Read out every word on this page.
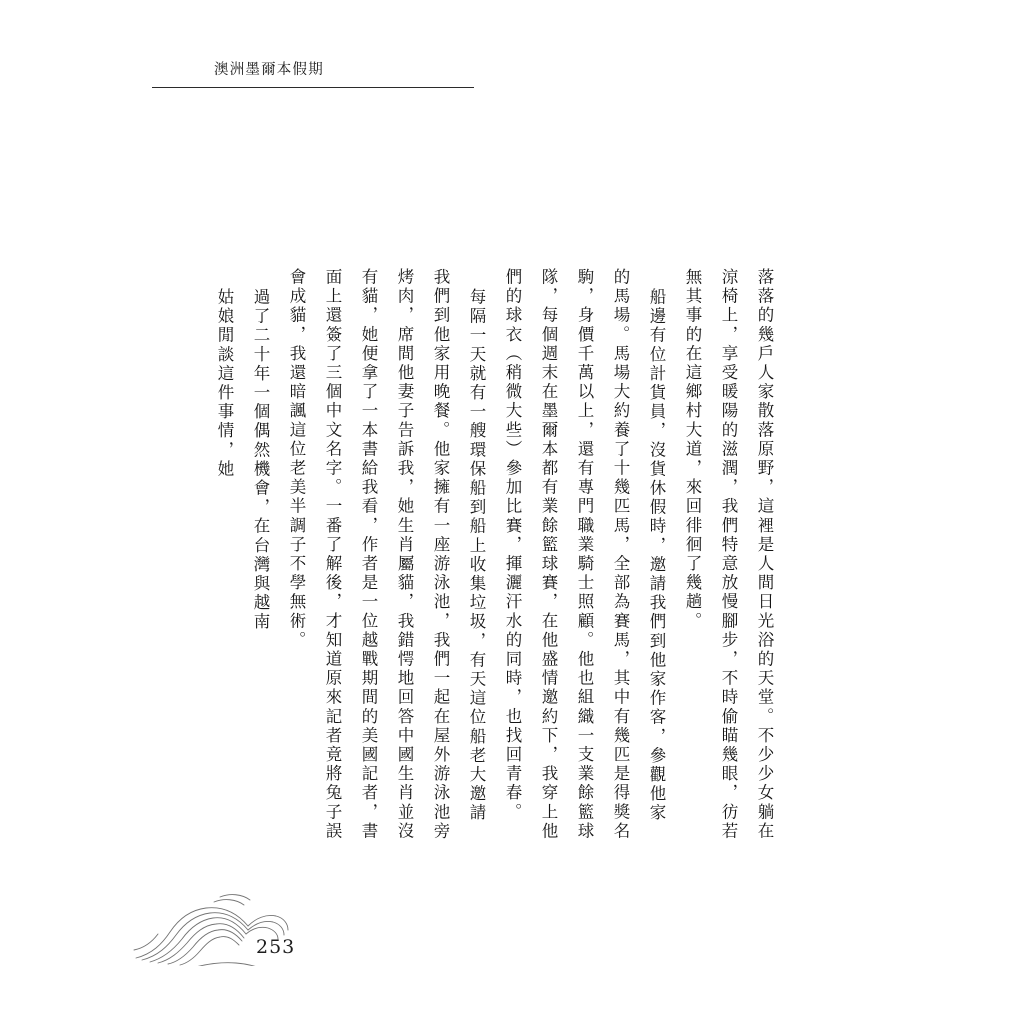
澳洲墨爾本假期
落落的幾戶人家散落原野，這裡是人間日光浴的天堂。不少少女躺在
涼椅上，享受暖陽的滋潤，我們特意放慢腳步，不時偷瞄幾眼，彷若
無其事的在這鄉村大道，來回徘徊了幾趟。
船邊有位計貨員，沒貨休假時，邀請我們到他家作客，參觀他家
的馬場。馬場大約養了十幾匹馬，全部為賽馬，其中有幾匹是得獎名
駒，身價千萬以上，還有專門職業騎士照顧。他也組織一支業餘籃球
隊，每個週末在墨爾本都有業餘籃球賽，在他盛情邀約下，我穿上他
們的球衣（稍微大些）參加比賽，揮灑汗水的同時，也找回青春。
每隔一天就有一艘環保船到船上收集垃圾，有天這位船老大邀請
我們到他家用晚餐。他家擁有一座游泳池，我們一起在屋外游泳池旁
烤肉，席間他妻子告訴我，她生肖屬貓，我錯愕地回答中國生肖並沒
有貓，她便拿了一本書給我看，作者是一位越戰期間的美國記者，書
面上還簽了三個中文名字。一番了解後，才知道原來記者竟將兔子誤
會成貓，我還暗諷這位老美半調子不學無術。
過了二十年一個偶然機會，在台灣與越南姑娘閒談這件事情，她
253
